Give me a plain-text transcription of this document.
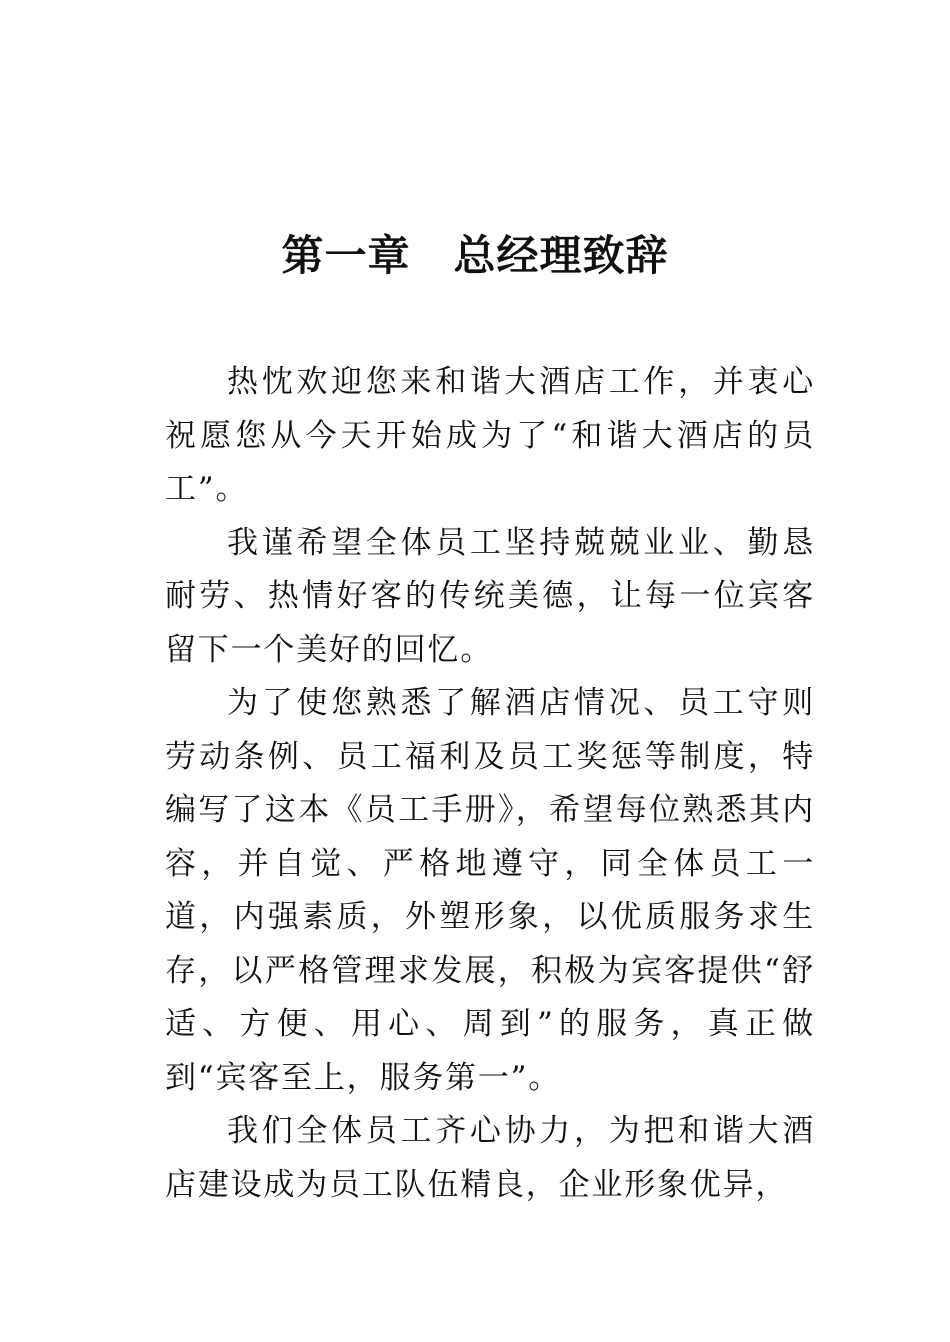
第一章　总经理致辞

热忱欢迎您来和谐大酒店工作，并衷心祝愿您从今天开始成为了“和谐大酒店的员工”。

我谨希望全体员工坚持兢兢业业、勤恳耐劳、热情好客的传统美德，让每一位宾客留下一个美好的回忆。

为了使您熟悉了解酒店情况、员工守则劳动条例、员工福利及员工奖惩等制度，特编写了这本《员工手册》，希望每位熟悉其内容，并自觉、严格地遵守，同全体员工一道，内强素质，外塑形象，以优质服务求生存，以严格管理求发展，积极为宾客提供“舒适、方便、用心、周到”的服务，真正做到“宾客至上，服务第一”。

我们全体员工齐心协力，为把和谐大酒店建设成为员工队伍精良，企业形象优异，
